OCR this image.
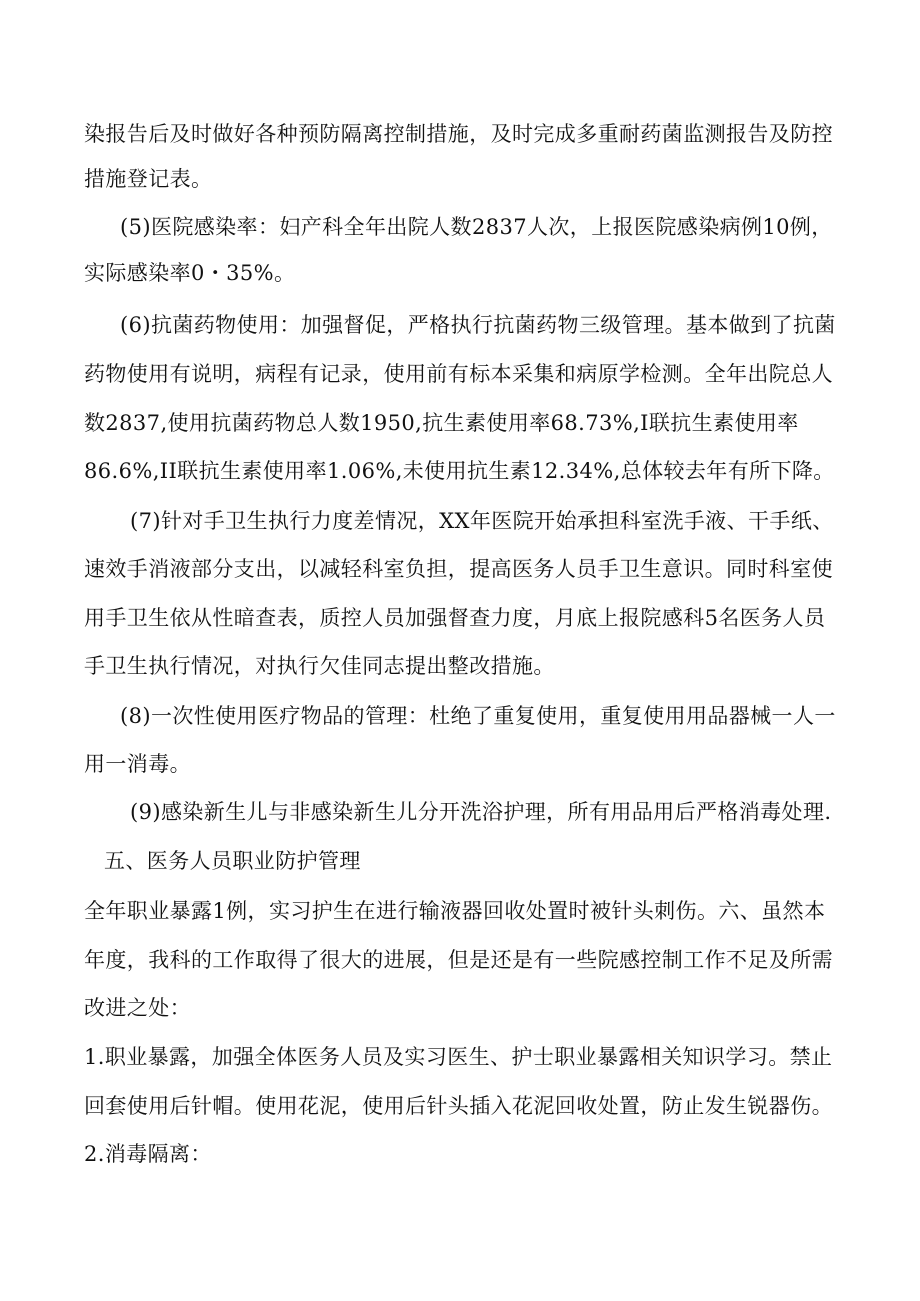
染报告后及时做好各种预防隔离控制措施，及时完成多重耐药菌监测报告及防控
措施登记表。
(5)医院感染率：妇产科全年出院人数2837人次，上报医院感染病例10例，
实际感染率0・35%。
(6)抗菌药物使用：加强督促，严格执行抗菌药物三级管理。基本做到了抗菌
药物使用有说明，病程有记录，使用前有标本采集和病原学检测。全年出院总人
数2837,使用抗菌药物总人数1950,抗生素使用率68.73%,I联抗生素使用率
86.6%,II联抗生素使用率1.06%,未使用抗生素12.34%,总体较去年有所下降。
(7)针对手卫生执行力度差情况，XX年医院开始承担科室洗手液、干手纸、
速效手消液部分支出，以减轻科室负担，提高医务人员手卫生意识。同时科室使
用手卫生依从性暗查表，质控人员加强督查力度，月底上报院感科5名医务人员
手卫生执行情况，对执行欠佳同志提出整改措施。
(8)一次性使用医疗物品的管理：杜绝了重复使用，重复使用用品器械一人一
用一消毒。
(9)感染新生儿与非感染新生儿分开洗浴护理，所有用品用后严格消毒处理.
五、医务人员职业防护管理
全年职业暴露1例，实习护生在进行输液器回收处置时被针头刺伤。六、虽然本
年度，我科的工作取得了很大的进展，但是还是有一些院感控制工作不足及所需
改进之处：
1.职业暴露，加强全体医务人员及实习医生、护士职业暴露相关知识学习。禁止
回套使用后针帽。使用花泥，使用后针头插入花泥回收处置，防止发生锐器伤。
2.消毒隔离：
